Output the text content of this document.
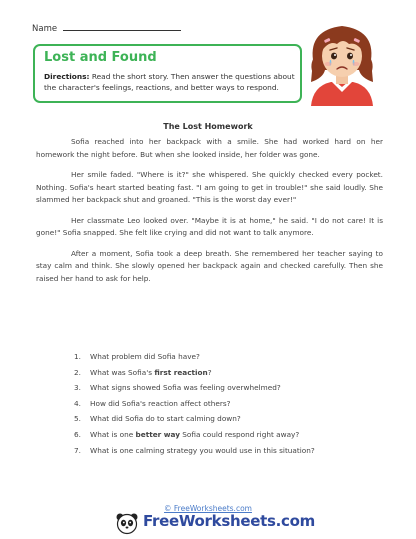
Name
Lost and Found
Directions: Read the short story. Then answer the questions about the character's feelings, reactions, and better ways to respond.
The Lost Homework

Sofia reached into her backpack with a smile. She had worked hard on her homework the night before. But when she looked inside, her folder was gone.

Her smile faded. "Where is it?" she whispered. She quickly checked every pocket. Nothing. Sofia's heart started beating fast. "I am going to get in trouble!" she said loudly. She slammed her backpack shut and groaned. "This is the worst day ever!"

Her classmate Leo looked over. "Maybe it is at home," he said. "I do not care! It is gone!" Sofia snapped. She felt like crying and did not want to talk anymore.

After a moment, Sofia took a deep breath. She remembered her teacher saying to stay calm and think. She slowly opened her backpack again and checked carefully. Then she raised her hand to ask for help.

1. What problem did Sofia have?
2. What was Sofia's first reaction?
3. What signs showed Sofia was feeling overwhelmed?
4. How did Sofia's reaction affect others?
5. What did Sofia do to start calming down?
6. What is one better way Sofia could respond right away?
7. What is one calming strategy you would use in this situation?
© FreeWorksheets.com
FreeWorksheets.com
